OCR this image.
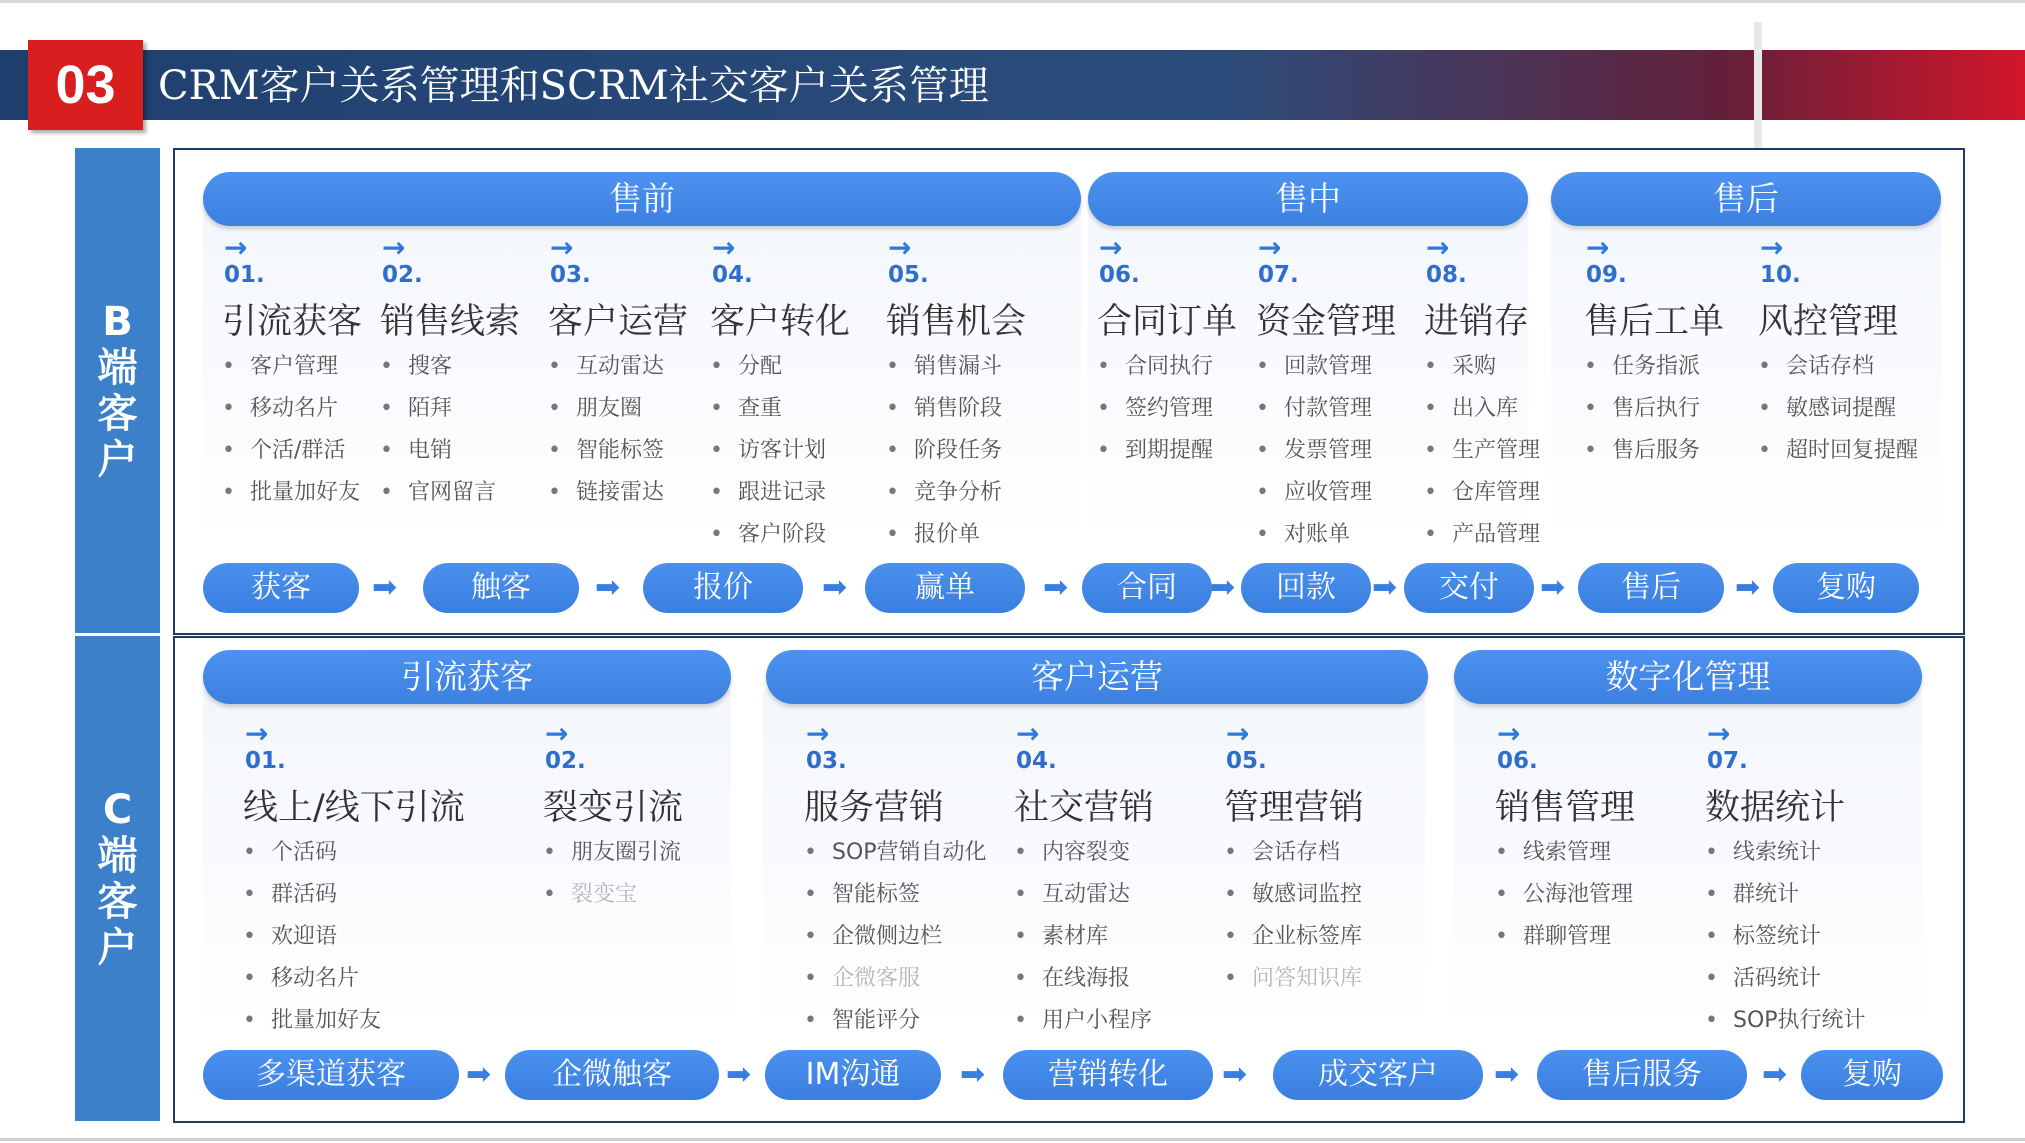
03	CRM客户关系管理和SCRM社交客户关系管理
B
端
客
户
C
端
客
户
售前	售中	售后
引流获客	客户运营	数字化管理
→
01.
引流获客
• 客户管理
• 移动名片
• 个活/群活
• 批量加好友
→
02.
销售线索
• 搜客
• 陌拜
• 电销
• 官网留言
→
03.
客户运营
• 互动雷达
• 朋友圈
• 智能标签
• 链接雷达
→
04.
客户转化
• 分配
• 查重
• 访客计划
• 跟进记录
• 客户阶段
→
05.
销售机会
• 销售漏斗
• 销售阶段
• 阶段任务
• 竞争分析
• 报价单
→
06.
合同订单
• 合同执行
• 签约管理
• 到期提醒
→
07.
资金管理
• 回款管理
• 付款管理
• 发票管理
• 应收管理
• 对账单
→
08.
进销存
• 采购
• 出入库
• 生产管理
• 仓库管理
• 产品管理
→
09.
售后工单
• 任务指派
• 售后执行
• 售后服务
→
10.
风控管理
• 会话存档
• 敏感词提醒
• 超时回复提醒
→
01.
线上/线下引流
• 个活码
• 群活码
• 欢迎语
• 移动名片
• 批量加好友
→
02.
裂变引流
• 朋友圈引流
• 裂变宝
→
03.
服务营销
• SOP营销自动化
• 智能标签
• 企微侧边栏
• 企微客服
• 智能评分
→
04.
社交营销
• 内容裂变
• 互动雷达
• 素材库
• 在线海报
• 用户小程序
→
05.
管理营销
• 会话存档
• 敏感词监控
• 企业标签库
• 问答知识库
→
06.
销售管理
• 线索管理
• 公海池管理
• 群聊管理
→
07.
数据统计
• 线索统计
• 群统计
• 标签统计
• 活码统计
• SOP执行统计
获客	触客	报价	赢单	合同	回款	交付	售后	复购
➡	➡	➡	➡	➡	➡	➡	➡
多渠道获客	企微触客	IM沟通	营销转化	成交客户	售后服务	复购
➡	➡	➡	➡	➡	➡
